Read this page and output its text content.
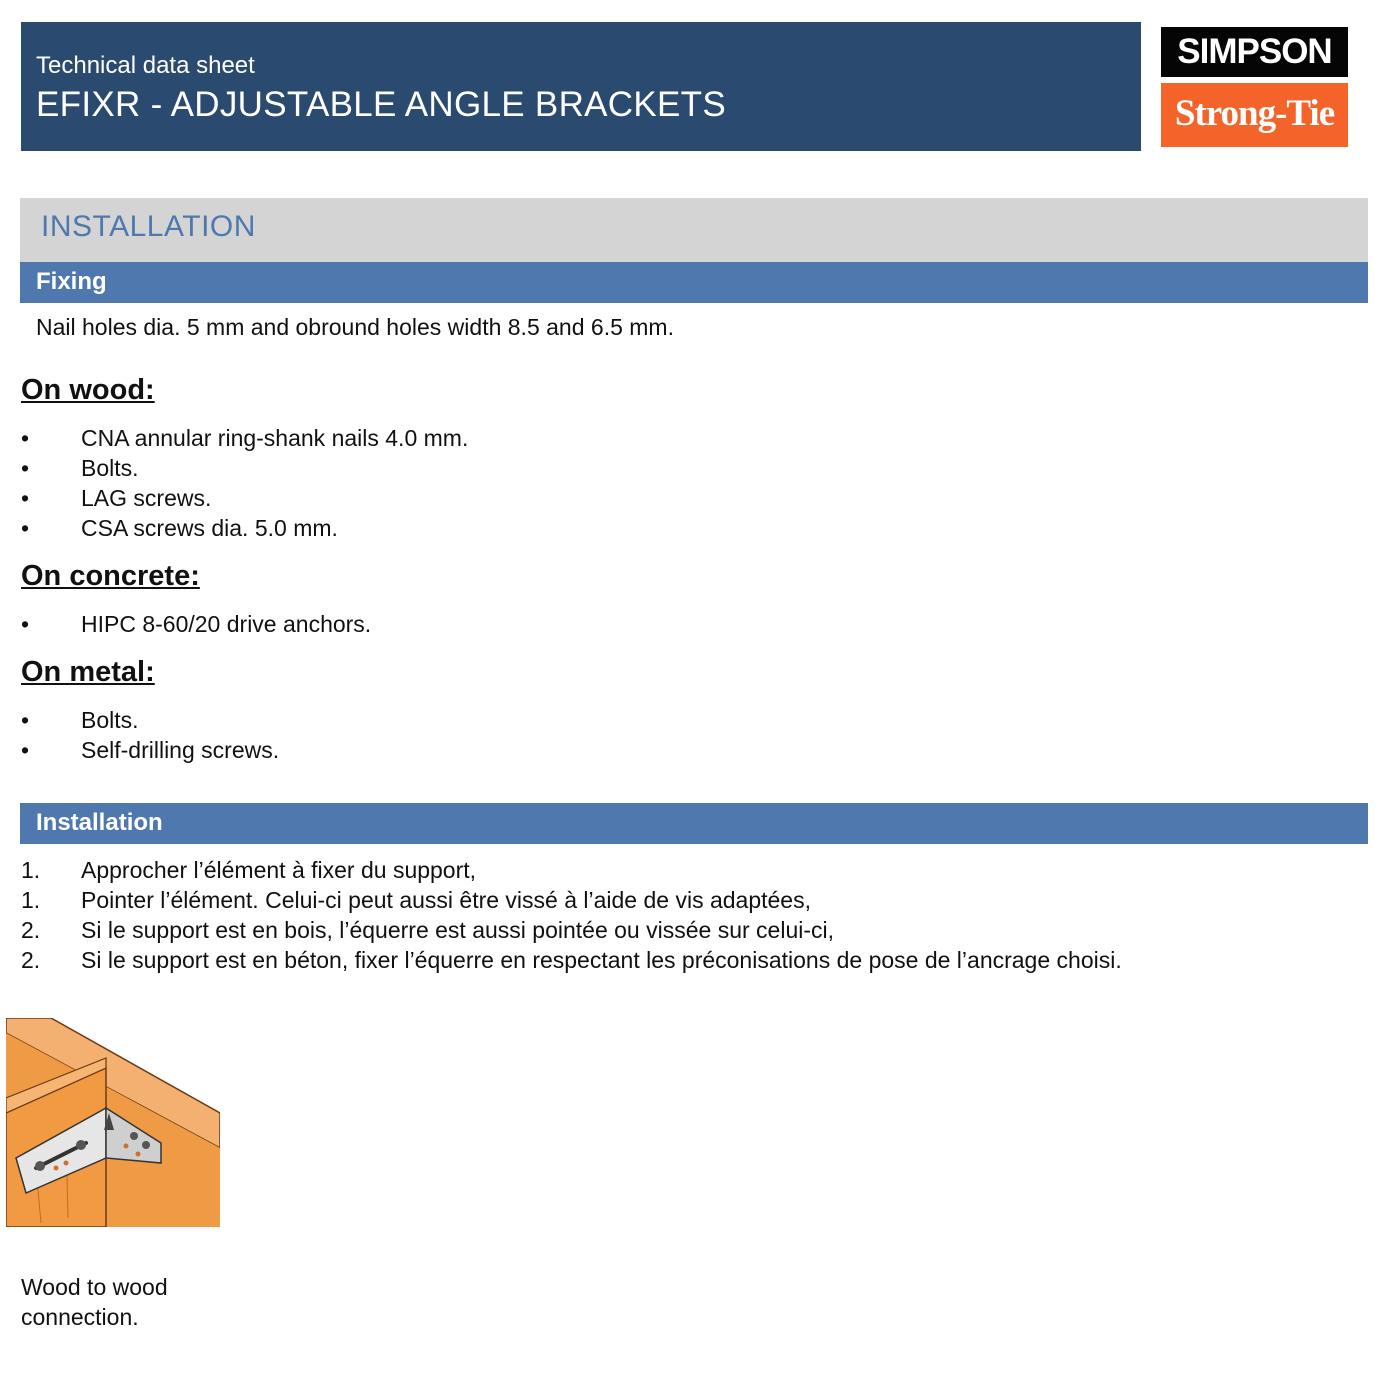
Technical data sheet
EFIXR - ADJUSTABLE ANGLE BRACKETS
SIMPSON
Strong-Tie
INSTALLATION
Fixing
Nail holes dia. 5 mm and obround holes width 8.5 and 6.5 mm.
On wood:
•	CNA annular ring-shank nails 4.0 mm.
•	Bolts.
•	LAG screws.
•	CSA screws dia. 5.0 mm.
On concrete:
•	HIPC 8-60/20 drive anchors.
On metal:
•	Bolts.
•	Self-drilling screws.
Installation
1. Approcher l’élément à fixer du support,
1. Pointer l’élément. Celui-ci peut aussi être vissé à l’aide de vis adaptées,
2. Si le support est en bois, l’équerre est aussi pointée ou vissée sur celui-ci,
2. Si le support est en béton, fixer l’équerre en respectant les préconisations de pose de l’ancrage choisi.
Wood to wood
connection.
